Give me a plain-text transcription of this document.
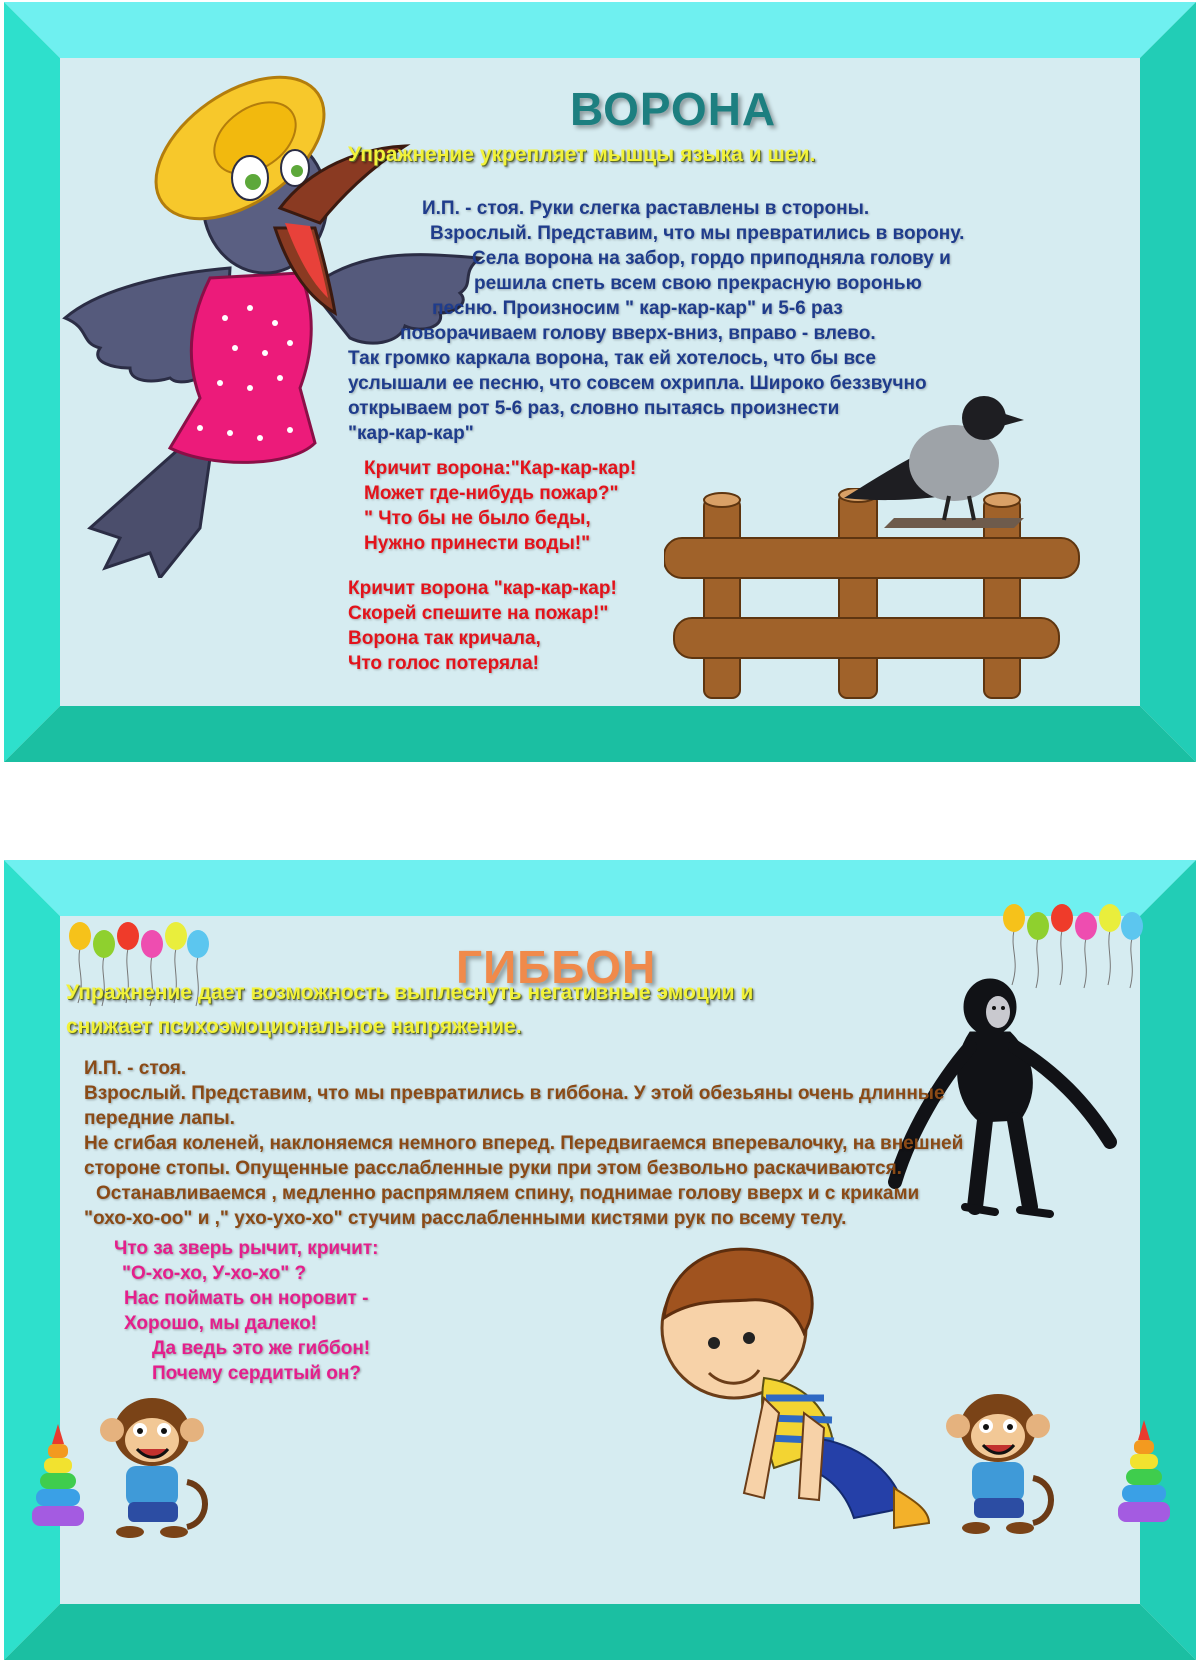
ВОРОНА
Упражнение укрепляет мышцы языка и шеи.
И.П. - стоя. Руки слегка раставлены в стороны.
Взрослый. Представим, что мы превратились в ворону.
Села ворона на забор, гордо приподняла голову и
решила спеть всем свою прекрасную воронью
песню. Произносим " кар-кар-кар" и 5-6 раз
поворачиваем голову вверх-вниз, вправо - влево.
Так громко каркала ворона, так ей хотелось, что бы все
услышали ее песню, что совсем охрипла. Широко беззвучно
открываем рот 5-6 раз, словно пытаясь произнести
"кар-кар-кар"
Кричит ворона:"Кар-кар-кар!
Может где-нибудь пожар?"
" Что бы не было беды,
Нужно принести воды!"
Кричит ворона "кар-кар-кар!
Скорей спешите на пожар!"
Ворона так кричала,
Что голос потеряла!
ГИББОН
Упражнение дает возможность выплеснуть негативные эмоции и
снижает психоэмоциональное напряжение.
И.П. - стоя.
Взрослый. Представим, что мы превратились в гиббона. У этой обезьяны очень длинные
передние лапы.
Не сгибая коленей, наклоняемся немного вперед. Передвигаемся вперевалочку, на внешней
стороне стопы. Опущенные расслабленные руки при этом безвольно раскачиваются.
Останавливаемся , медленно распрямляем спину, поднимае голову вверх и с криками
"охо-хо-оо" и ," ухо-ухо-хо" стучим расслабленными кистями рук по всему телу.
Что за зверь рычит, кричит:
"О-хо-хо, У-хо-хо" ?
Нас поймать он норовит -
Хорошо, мы далеко!
Да ведь это же гиббон!
Почему сердитый он?
